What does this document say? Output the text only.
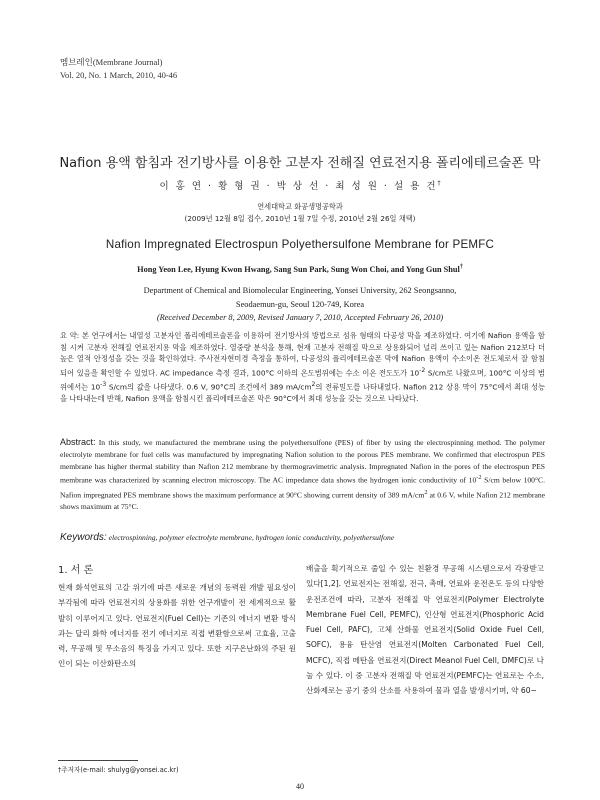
멤브레인(Membrane Journal)
Vol. 20, No. 1 March, 2010, 40-46
Nafion 용액 함침과 전기방사를 이용한 고분자 전해질 연료전지용 폴리에테르술폰 막
이 홍 연 · 황 형 권 · 박 상 선 · 최 성 원 · 설 용 건†
연세대학교 화공생명공학과
(2009년 12월 8일 접수, 2010년 1월 7일 수정, 2010년 2월 26일 채택)
Nafion Impregnated Electrospun Polyethersulfone Membrane for PEMFC
Hong Yeon Lee, Hyung Kwon Hwang, Sang Sun Park, Sung Won Choi, and Yong Gun Shul†
Department of Chemical and Biomolecular Engineering, Yonsei University, 262 Seongsanno,
Seodaemun-gu, Seoul 120-749, Korea
(Received December 8, 2009, Revised January 7, 2010, Accepted February 26, 2010)
요 약: 본 연구에서는 내열성 고분자인 폴리에테르술폰을 이용하여 전기방사의 방법으로 섬유 형태의 다공성 막을 제조하였다. 여기에 Nafion 용액을 함침 시켜 고분자 전해질 연료전지용 막을 제조하였다. 열중량 분석을 통해, 현재 고분자 전해질 막으로 상용화되어 널리 쓰이고 있는 Nafion 212보다 더 높은 열적 안정성을 갖는 것을 확인하였다. 주사전자현미경 측정을 통하여, 다공성의 폴리에테르술폰 막에 Nafion 용액이 수소이온 전도체로서 잘 함침 되어 있음을 확인할 수 있었다. AC impedance 측정 결과, 100°C 이하의 온도범위에는 수소 이온 전도도가 $10^{-2}$ S/cm로 나왔으며, 100°C 이상의 범위에서는 $10^{-3}$ S/cm의 값을 나타냈다. 0.6 V, 90°C의 조건에서 389 $mA/cm^2$의 전류밀도를 나타내었다. Nafion 212 상용 막이 75°C에서 최대 성능을 나타내는데 반해, Nafion 용액을 함침시킨 폴리에테르술폰 막은 90°C에서 최대 성능을 갖는 것으로 나타났다.
Abstract: In this study, we manufactured the membrane using the polyethersulfone (PES) of fiber by using the electrospinning method. The polymer electrolyte membrane for fuel cells was manufactured by impregnating Nafion solution to the porous PES membrane. We confirmed that electrospun PES membrane has higher thermal stability than Nafion 212 membrane by thermogravimetric analysis. Impregnated Nafion in the pores of the electrospun PES membrane was characterized by scanning electron microscopy. The AC impedance data shows the hydrogen ionic conductivity of $10^{-2}$ S/cm below 100°C. Nafion impregnated PES membrane shows the maximum performance at 90°C showing current density of 389 $mA/cm^2$ at 0.6 V, while Nafion 212 membrane shows maximum at 75°C.
Keywords: electrospinning, polymer electrolyte membrane, hydrogen ionic conductivity, polyethersulfone
1. 서 론
현재 화석연료의 고갈 위기에 따른 새로운 개념의 동력원 개발 필요성이 부각됨에 따라 연료전지의 상용화를 위한 연구개발이 전 세계적으로 활발히 이루어지고 있다. 연료전지(Fuel Cell)는 기존의 에너지 변환 방식과는 달리 화학 에너지를 전기 에너지로 직접 변환함으로써 고효율, 고출력, 무공해 및 무소음의 특징을 가지고 있다. 또한 지구온난화의 주된 원인이 되는 이산화탄소의
배출을 획기적으로 줄일 수 있는 친환경 무공해 시스템으로서 각광받고 있다[1,2]. 연료전지는 전해질, 전극, 촉매, 연료와 운전온도 등의 다양한 운전조건에 따라, 고분자 전해질 막 연료전지(Polymer Electrolyte Membrane Fuel Cell, PEMFC), 인산형 연료전지(Phosphoric Acid Fuel Cell, PAFC), 고체 산화물 연료전지(Solid Oxide Fuel Cell, SOFC), 용융 탄산염 연료전지(Molten Carbonated Fuel Cell, MCFC), 직접 메탄올 연료전지(Direct Meanol Fuel Cell, DMFC)로 나눌 수 있다. 이 중 고분자 전해질 막 연료전지(PEMFC)는 연료로는 수소, 산화제로는 공기 중의 산소를 사용하여 물과 열을 발생시키며, 약 60~
†주저자(e-mail: shulyg@yonsei.ac.kr)
40
